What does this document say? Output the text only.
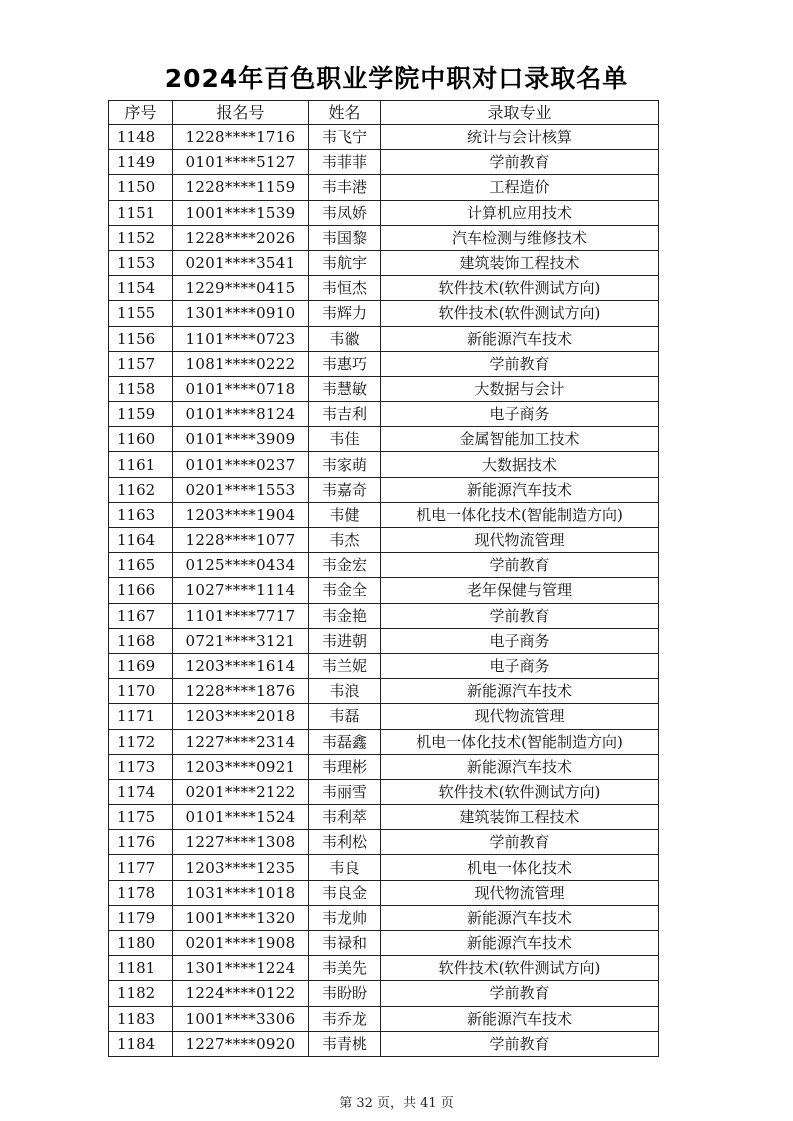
2024年百色职业学院中职对口录取名单
序号	报名号	姓名	录取专业
1148	1228****1716	韦飞宁	统计与会计核算
1149	0101****5127	韦菲菲	学前教育
1150	1228****1159	韦丰港	工程造价
1151	1001****1539	韦凤娇	计算机应用技术
1152	1228****2026	韦国黎	汽车检测与维修技术
1153	0201****3541	韦航宇	建筑装饰工程技术
1154	1229****0415	韦恒杰	软件技术(软件测试方向)
1155	1301****0910	韦辉力	软件技术(软件测试方向)
1156	1101****0723	韦徽	新能源汽车技术
1157	1081****0222	韦惠巧	学前教育
1158	0101****0718	韦慧敏	大数据与会计
1159	0101****8124	韦吉利	电子商务
1160	0101****3909	韦佳	金属智能加工技术
1161	0101****0237	韦家萌	大数据技术
1162	0201****1553	韦嘉奇	新能源汽车技术
1163	1203****1904	韦健	机电一体化技术(智能制造方向)
1164	1228****1077	韦杰	现代物流管理
1165	0125****0434	韦金宏	学前教育
1166	1027****1114	韦金全	老年保健与管理
1167	1101****7717	韦金艳	学前教育
1168	0721****3121	韦进朝	电子商务
1169	1203****1614	韦兰妮	电子商务
1170	1228****1876	韦浪	新能源汽车技术
1171	1203****2018	韦磊	现代物流管理
1172	1227****2314	韦磊鑫	机电一体化技术(智能制造方向)
1173	1203****0921	韦理彬	新能源汽车技术
1174	0201****2122	韦丽雪	软件技术(软件测试方向)
1175	0101****1524	韦利萃	建筑装饰工程技术
1176	1227****1308	韦利松	学前教育
1177	1203****1235	韦良	机电一体化技术
1178	1031****1018	韦良金	现代物流管理
1179	1001****1320	韦龙帅	新能源汽车技术
1180	0201****1908	韦禄和	新能源汽车技术
1181	1301****1224	韦美先	软件技术(软件测试方向)
1182	1224****0122	韦盼盼	学前教育
1183	1001****3306	韦乔龙	新能源汽车技术
1184	1227****0920	韦青桃	学前教育
第 32 页，共 41 页
